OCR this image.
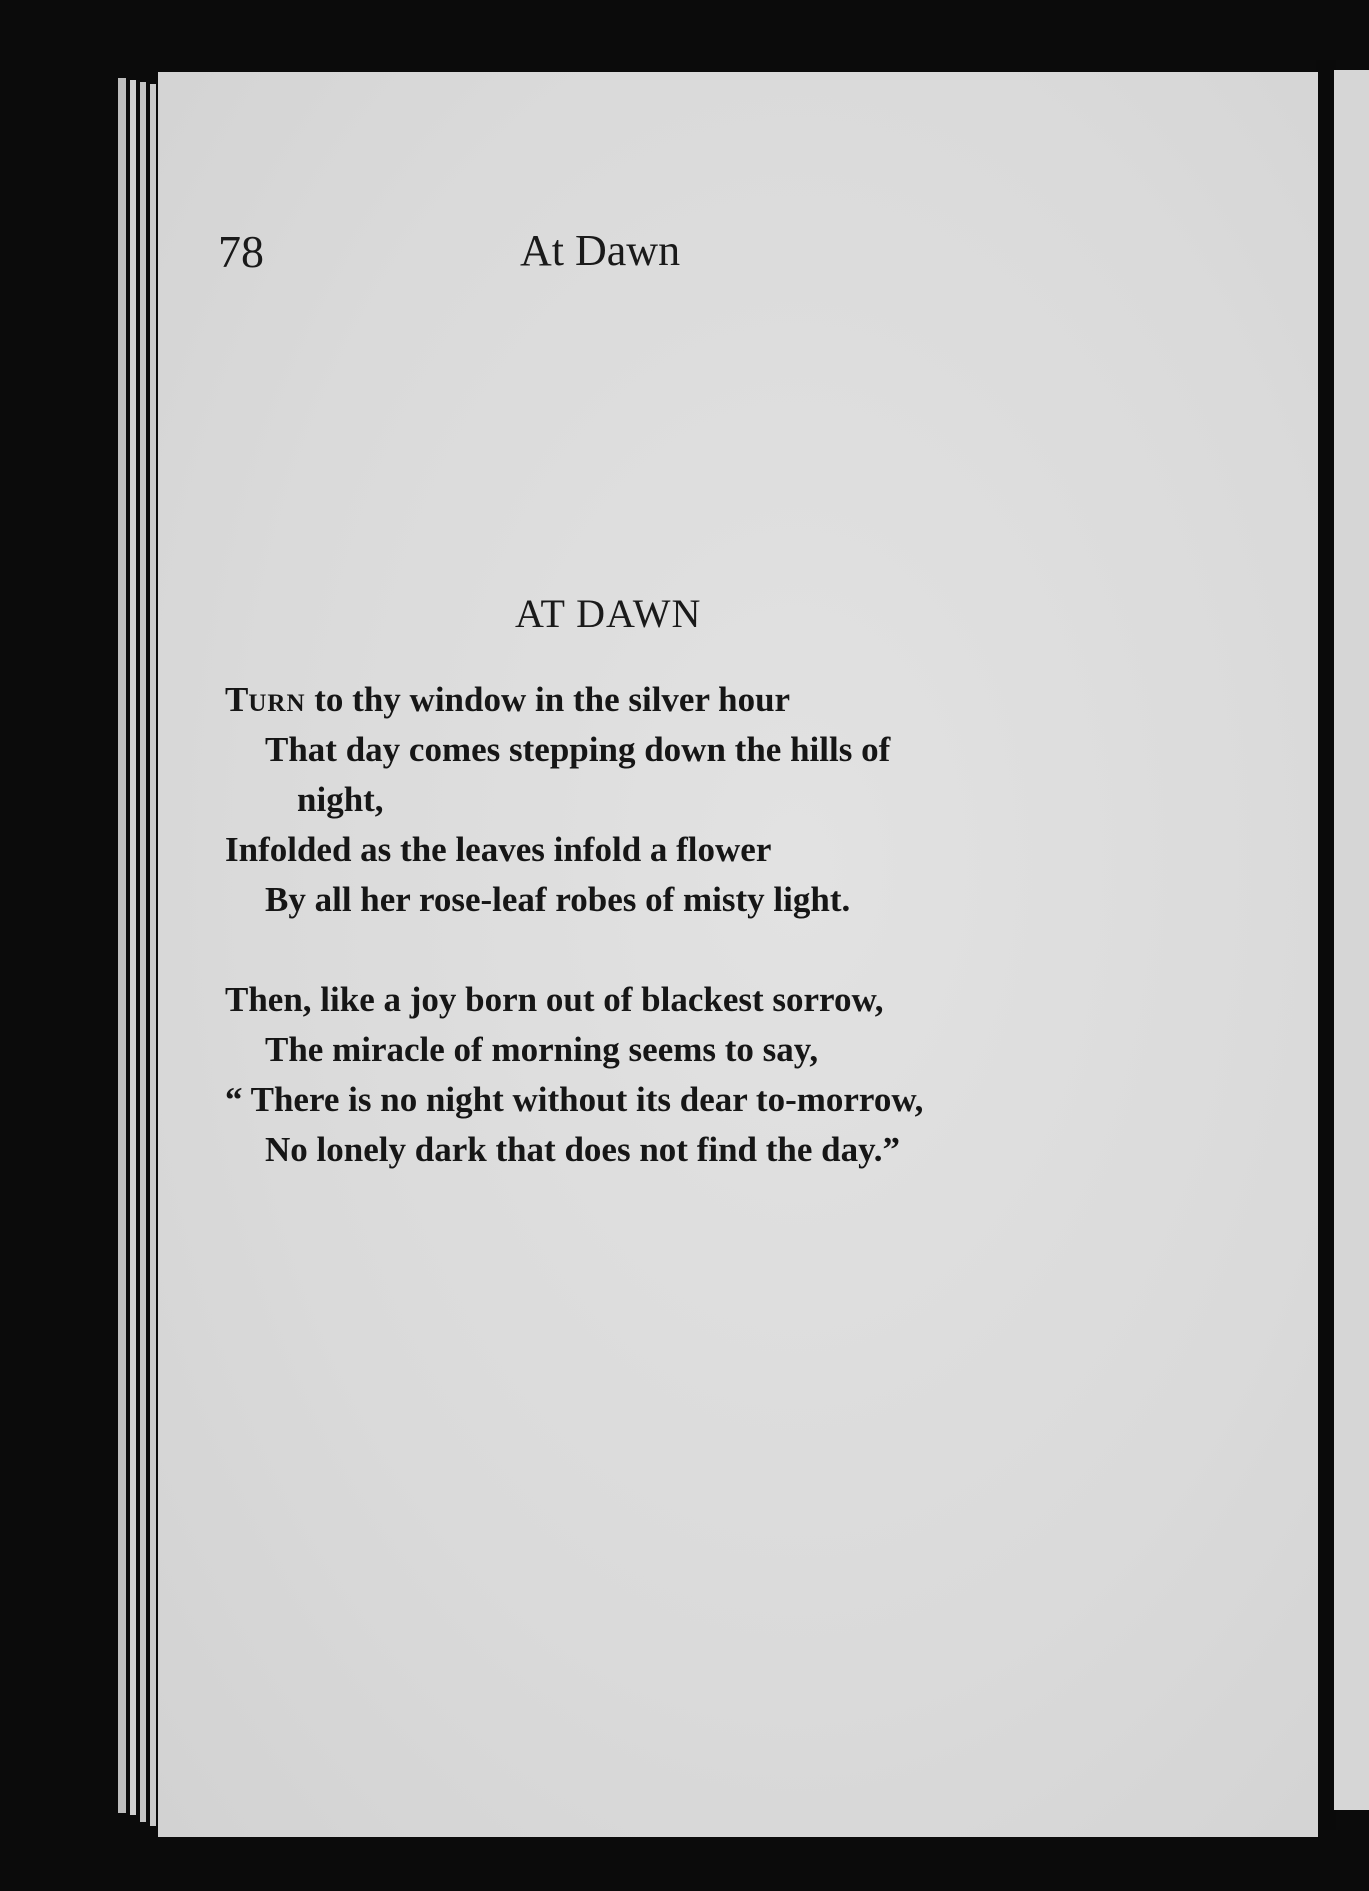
78	At Dawn
AT DAWN
TURN to thy window in the silver hour
That day comes stepping down the hills of
night,
Infolded as the leaves infold a flower
By all her rose-leaf robes of misty light.
Then, like a joy born out of blackest sorrow,
The miracle of morning seems to say,
“ There is no night without its dear to-morrow,
No lonely dark that does not find the day.”
